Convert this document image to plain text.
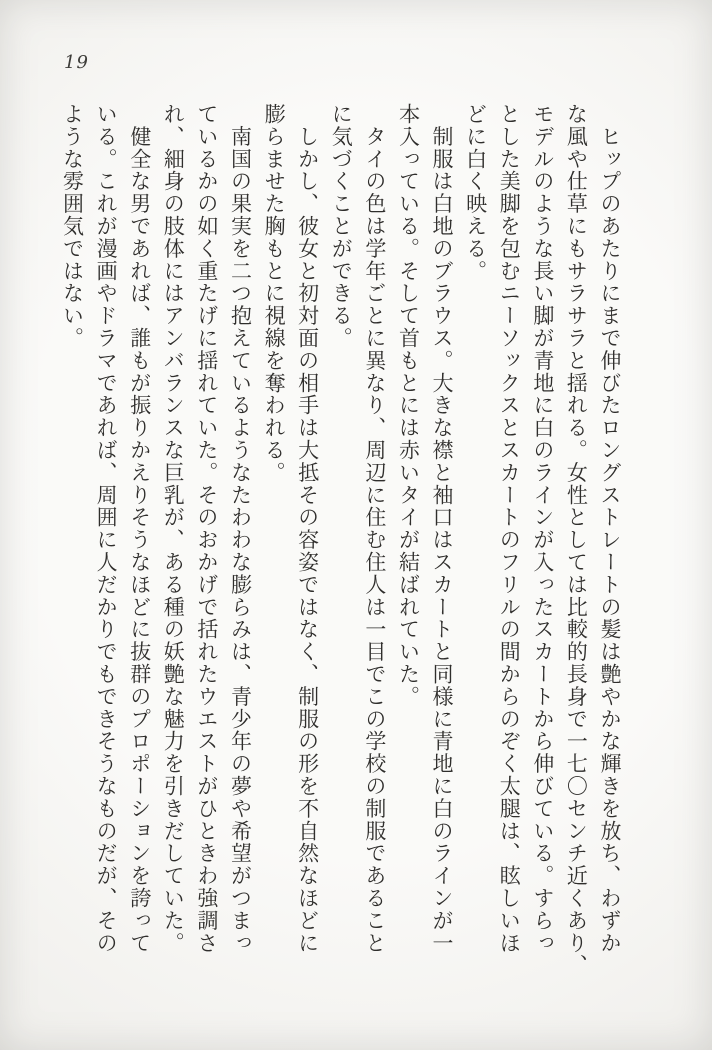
19

　ヒップのあたりにまで伸びたロングストレートの髪は艶やかな輝きを放ち、わずか

な風や仕草にもサラサラと揺れる。女性としては比較的長身で一七〇センチ近くあり、

モデルのような長い脚が青地に白のラインが入ったスカートから伸びている。すらっ

とした美脚を包むニーソックスとスカートのフリルの間からのぞく太腿は、眩しいほ

どに白く映える。

　制服は白地のブラウス。大きな襟と袖口はスカートと同様に青地に白のラインが一

本入っている。そして首もとには赤いタイが結ばれていた。

　タイの色は学年ごとに異なり、周辺に住む住人は一目でこの学校の制服であること

に気づくことができる。

　しかし、彼女と初対面の相手は大抵その容姿ではなく、制服の形を不自然なほどに

膨らませた胸もとに視線を奪われる。

　南国の果実を二つ抱えているようなたわわな膨らみは、青少年の夢や希望がつまっ

ているかの如く重たげに揺れていた。そのおかげで括れたウエストがひときわ強調さ

れ、細身の肢体にはアンバランスな巨乳が、ある種の妖艶な魅力を引きだしていた。

　健全な男であれば、誰もが振りかえりそうなほどに抜群のプロポーションを誇って

いる。これが漫画やドラマであれば、周囲に人だかりでもできそうなものだが、その

ような雰囲気ではない。
